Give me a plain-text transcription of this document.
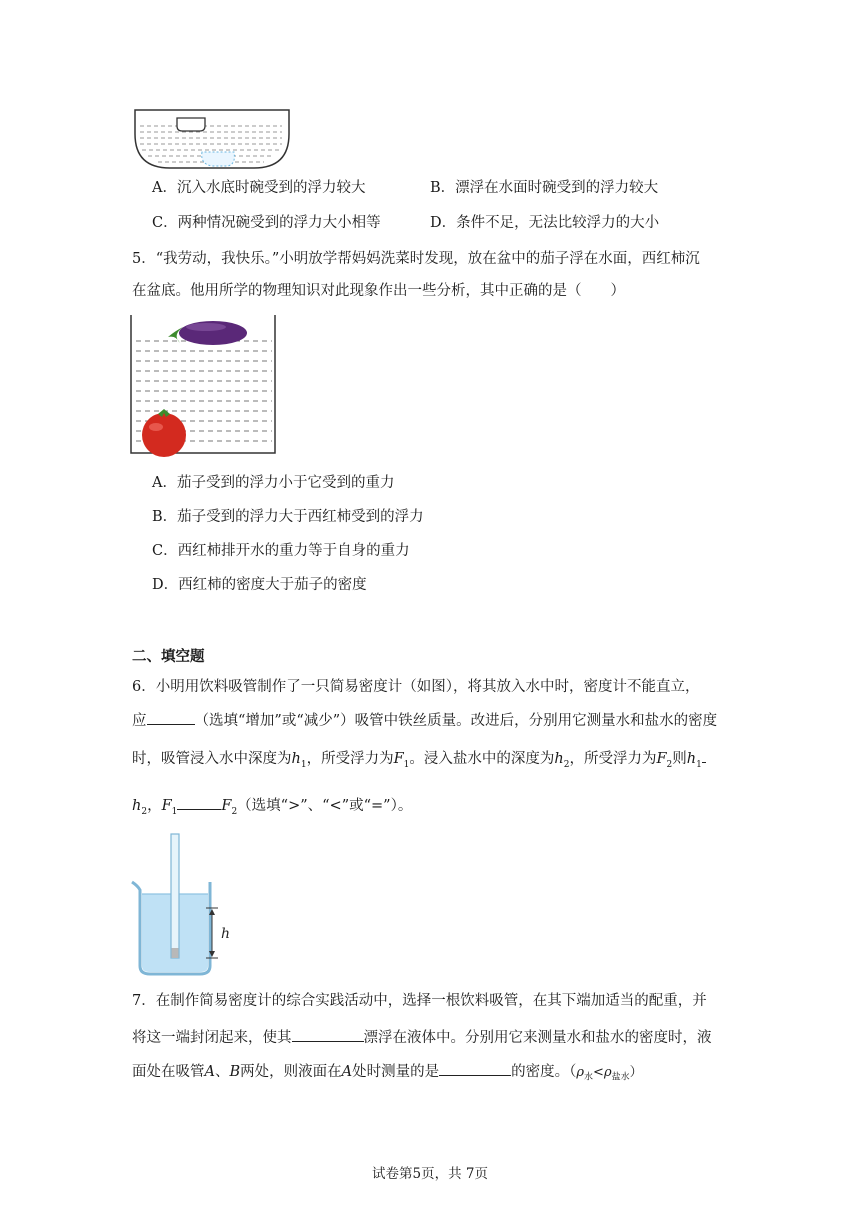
A．沉入水底时碗受到的浮力较大	B．漂浮在水面时碗受到的浮力较大
C．两种情况碗受到的浮力大小相等	D．条件不足，无法比较浮力的大小
5．“我劳动，我快乐。”小明放学帮妈妈洗菜时发现，放在盆中的茄子浮在水面，西红柿沉
在盆底。他用所学的物理知识对此现象作出一些分析，其中正确的是（　　）
A．茄子受到的浮力小于它受到的重力
B．茄子受到的浮力大于西红柿受到的浮力
C．西红柿排开水的重力等于自身的重力
D．西红柿的密度大于茄子的密度
二、填空题
6．小明用饮料吸管制作了一只简易密度计（如图），将其放入水中时，密度计不能直立，
应	（选填“增加”或“减少”）吸管中铁丝质量。改进后，分别用它测量水和盐水的密度
时，吸管浸入水中深度为$h_1$，所受浮力为$F_1$。浸入盐水中的深度为$h_2$，所受浮力为$F_2$则$h_1$
$h_2$，$F_1$	$F_2$（选填“>”、“<”或“=”）。
h
7．在制作简易密度计的综合实践活动中，选择一根饮料吸管，在其下端加适当的配重，并
将这一端封闭起来，使其	漂浮在液体中。分别用它来测量水和盐水的密度时，液
面处在吸管A、B两处，则液面在A处时测量的是	的密度。$(\rho_水<\rho_{盐水})$
试卷第5页，共 7页
